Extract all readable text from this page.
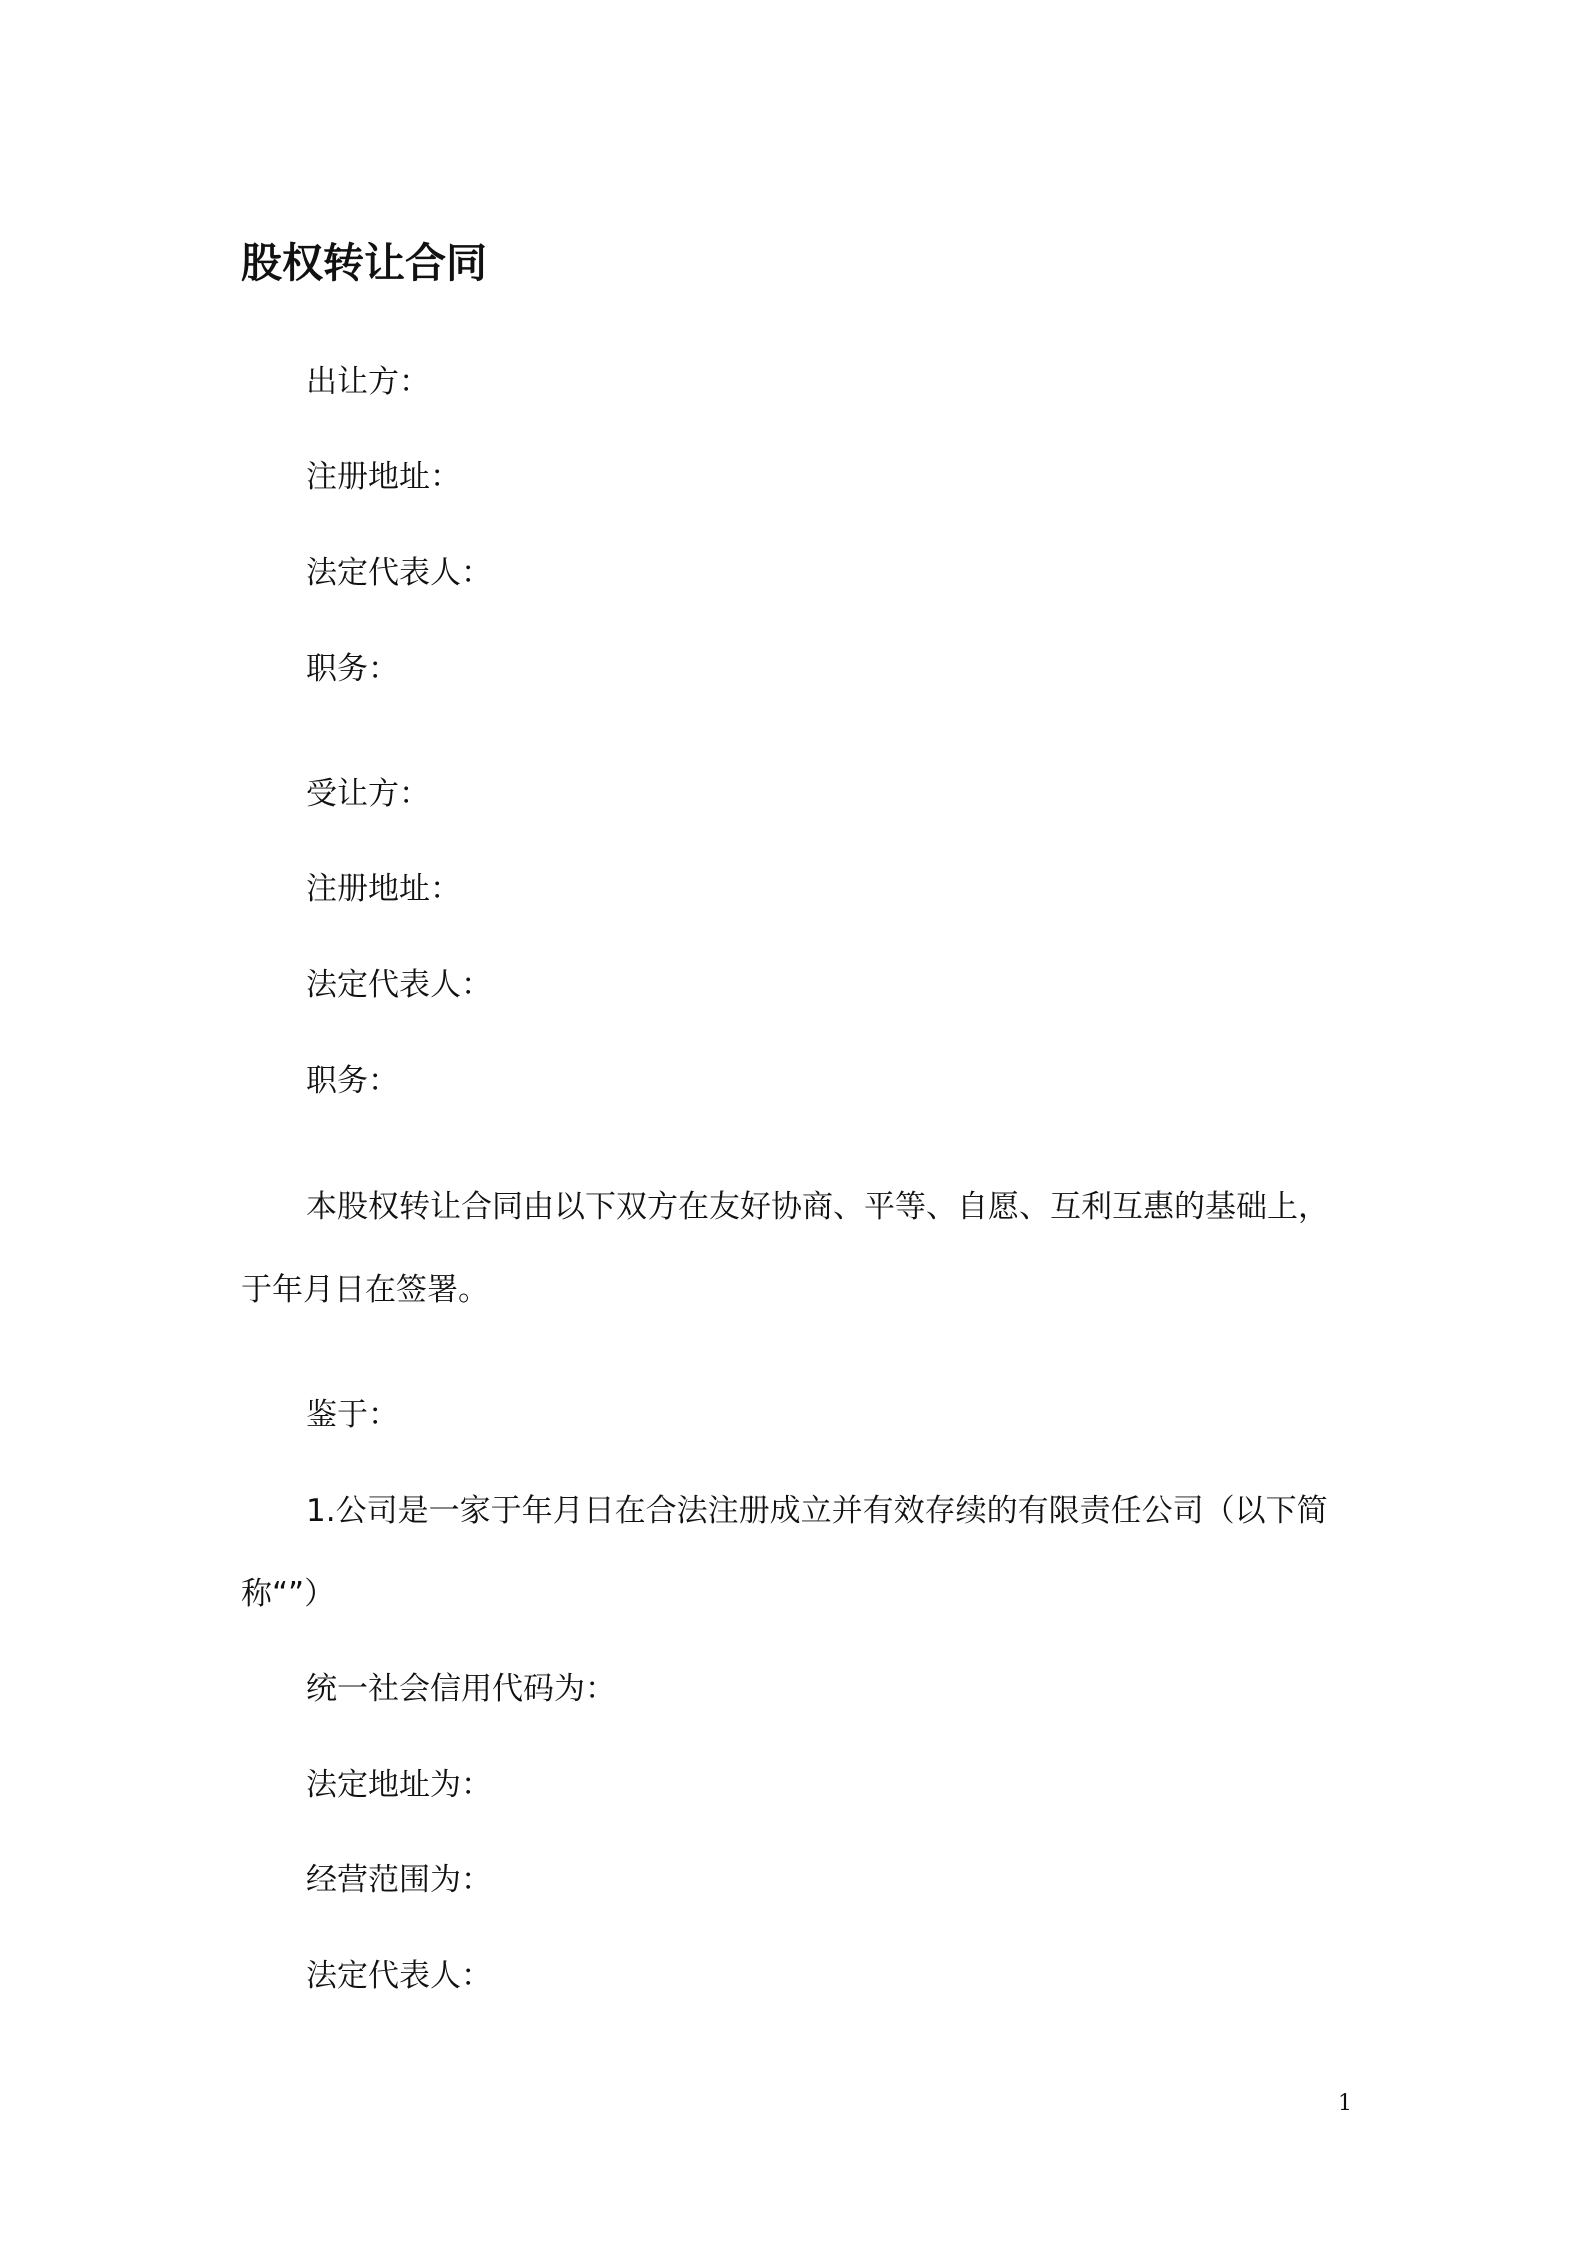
股权转让合同
出让方：
注册地址：
法定代表人：
职务：
受让方：
注册地址：
法定代表人：
职务：
本股权转让合同由以下双方在友好协商、平等、自愿、互利互惠的基础上，
于年月日在签署。
鉴于：
1.公司是一家于年月日在合法注册成立并有效存续的有限责任公司（以下简
称“”）
统一社会信用代码为：
法定地址为：
经营范围为：
法定代表人：
1
